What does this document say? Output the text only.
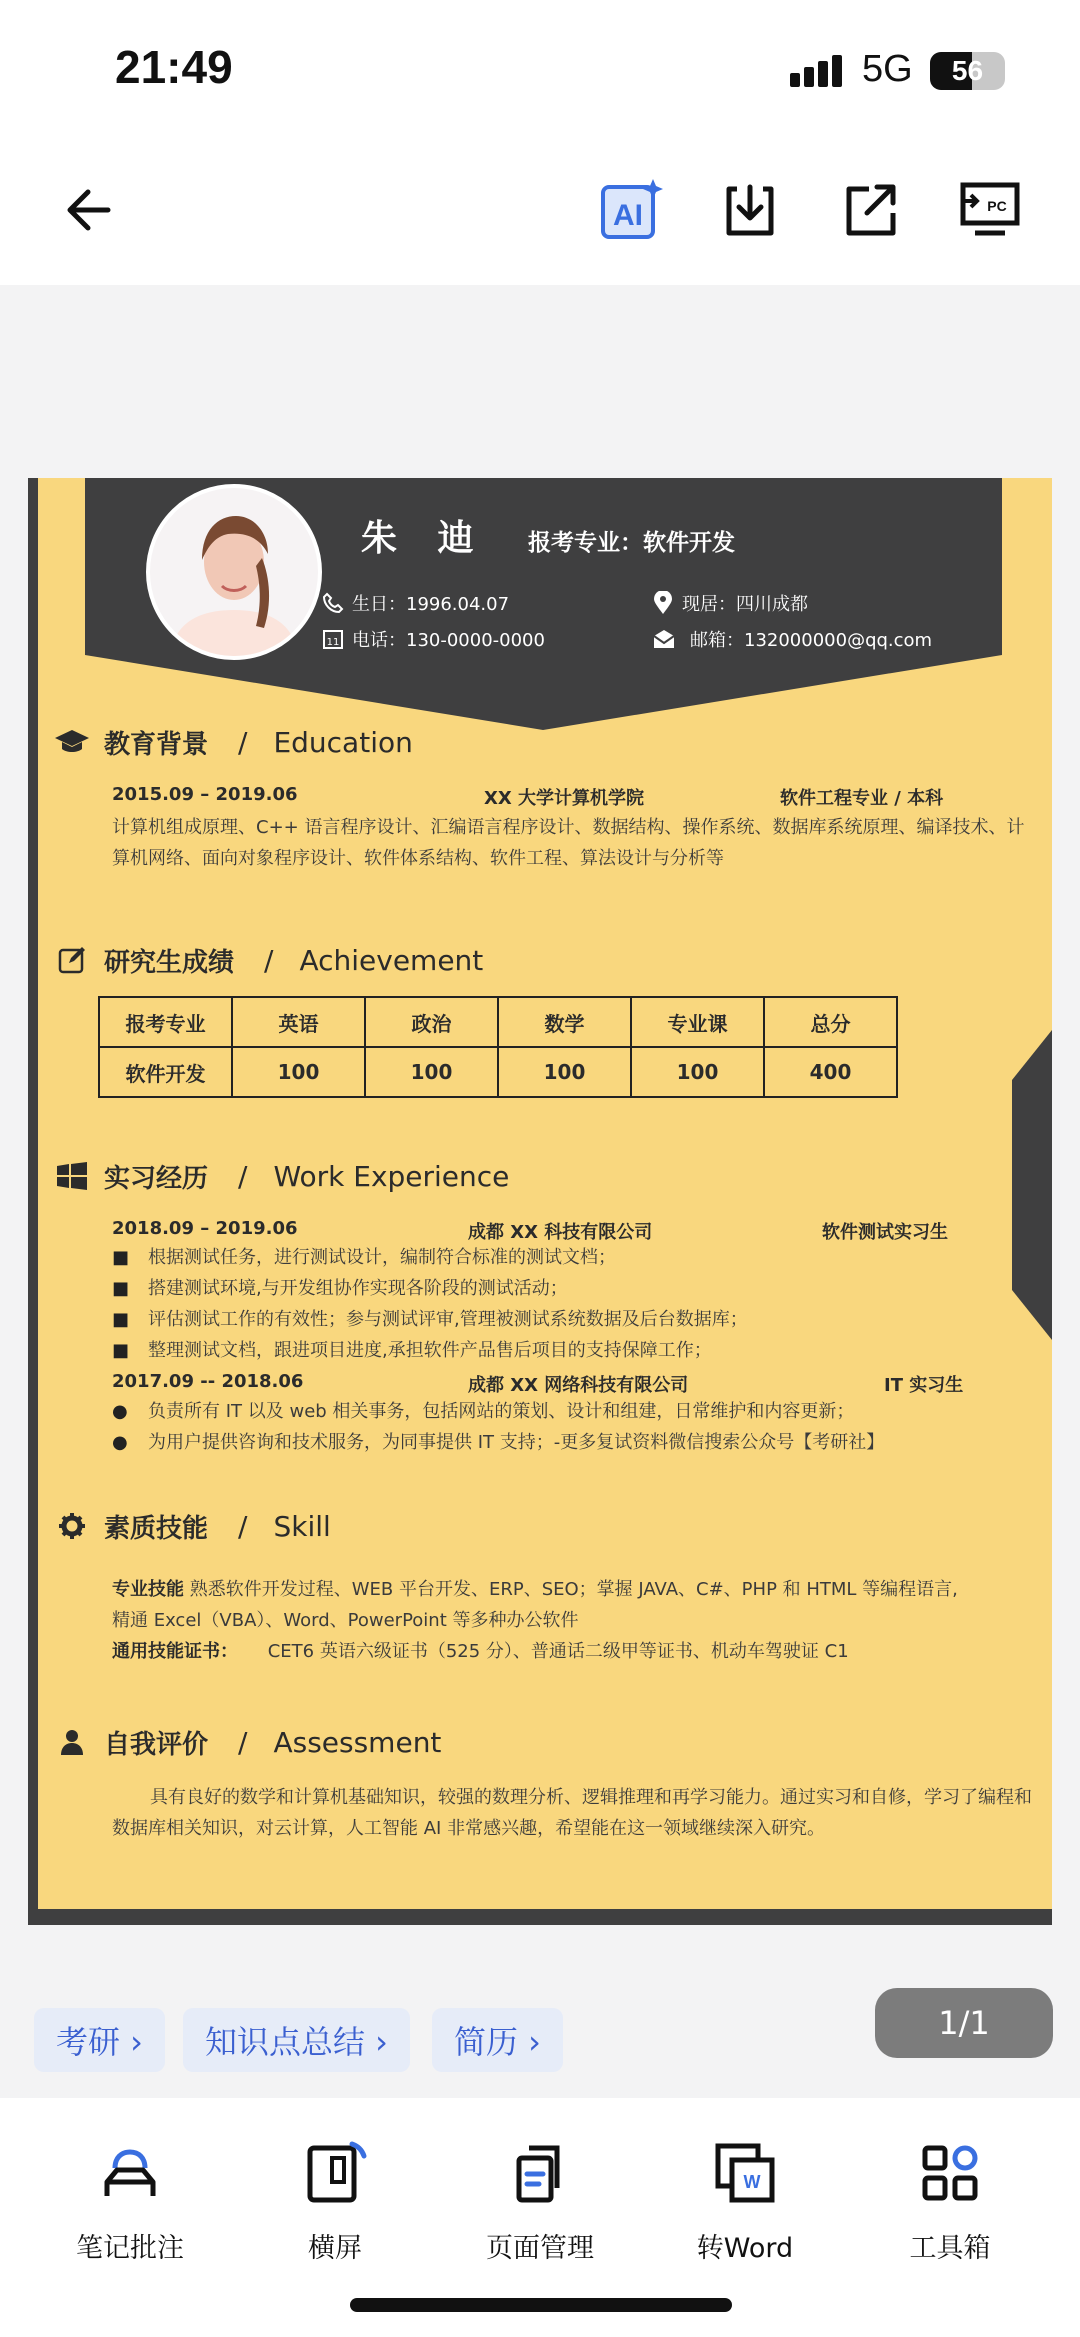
21:49	5G	56
AI	PC
朱 迪 报考专业：软件开发
生日：1996.04.07
11 电话：130-0000-0000
现居：四川成都
邮箱：132000000@qq.com
教育背景 / Education
2015.09 – 2019.06	XX 大学计算机学院	软件工程专业 / 本科
计算机组成原理、C++ 语言程序设计、汇编语言程序设计、数据结构、操作系统、数据库系统原理、编译技术、计算机网络、面向对象程序设计、软件体系结构、软件工程、算法设计与分析等
研究生成绩 / Achievement
报考专业	英语	政治	数学	专业课	总分
软件开发	100	100	100	100	400
实习经历 / Work Experience
2018.09 – 2019.06	成都 XX 科技有限公司	软件测试实习生
■ 根据测试任务，进行测试设计，编制符合标准的测试文档；
■ 搭建测试环境,与开发组协作实现各阶段的测试活动；
■ 评估测试工作的有效性；参与测试评审,管理被测试系统数据及后台数据库；
■ 整理测试文档，跟进项目进度,承担软件产品售后项目的支持保障工作；
2017.09 -- 2018.06	成都 XX 网络科技有限公司	IT 实习生
● 负责所有 IT 以及 web 相关事务，包括网站的策划、设计和组建，日常维护和内容更新；
● 为用户提供咨询和技术服务，为同事提供 IT 支持；-更多复试资料微信搜索公众号【考研社】
素质技能 / Skill
专业技能 熟悉软件开发过程、WEB 平台开发、ERP、SEO；掌握 JAVA、C#、PHP 和 HTML 等编程语言,
精通 Excel（VBA）、Word、PowerPoint 等多种办公软件
通用技能证书： CET6 英语六级证书（525 分）、普通话二级甲等证书、机动车驾驶证 C1
自我评价 / Assessment
具有良好的数学和计算机基础知识，较强的数理分析、逻辑推理和再学习能力。通过实习和自修，学习了编程和数据库相关知识，对云计算，人工智能 AI 非常感兴趣，希望能在这一领域继续深入研究。
考研 ›	知识点总结 ›	简历 ›	1/1
笔记批注	横屏	页面管理
W
转Word	工具箱
